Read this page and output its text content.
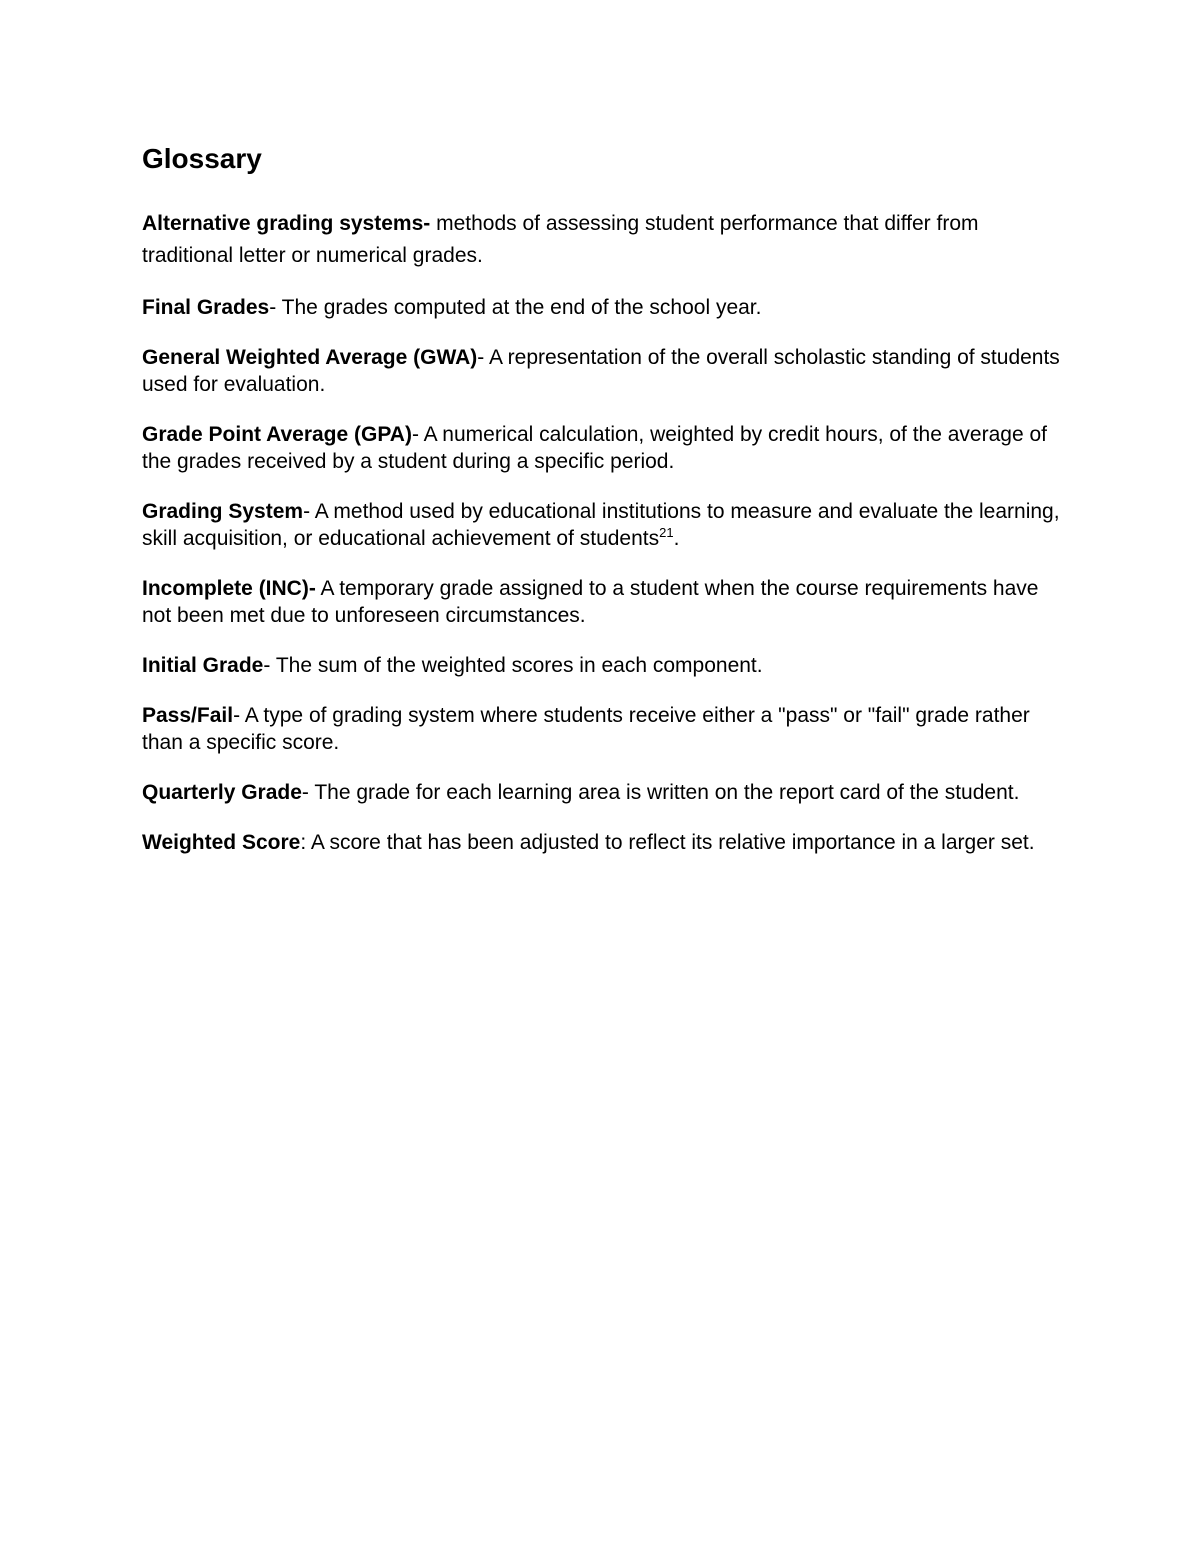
Glossary

Alternative grading systems- methods of assessing student performance that differ from traditional letter or numerical grades.

Final Grades- The grades computed at the end of the school year.

General Weighted Average (GWA)- A representation of the overall scholastic standing of students used for evaluation.

Grade Point Average (GPA)- A numerical calculation, weighted by credit hours, of the average of the grades received by a student during a specific period.

Grading System- A method used by educational institutions to measure and evaluate the learning, skill acquisition, or educational achievement of students$^{21}$.

Incomplete (INC)- A temporary grade assigned to a student when the course requirements have not been met due to unforeseen circumstances.

Initial Grade- The sum of the weighted scores in each component.

Pass/Fail- A type of grading system where students receive either a "pass" or "fail" grade rather than a specific score.

Quarterly Grade- The grade for each learning area is written on the report card of the student.

Weighted Score: A score that has been adjusted to reflect its relative importance in a larger set.
